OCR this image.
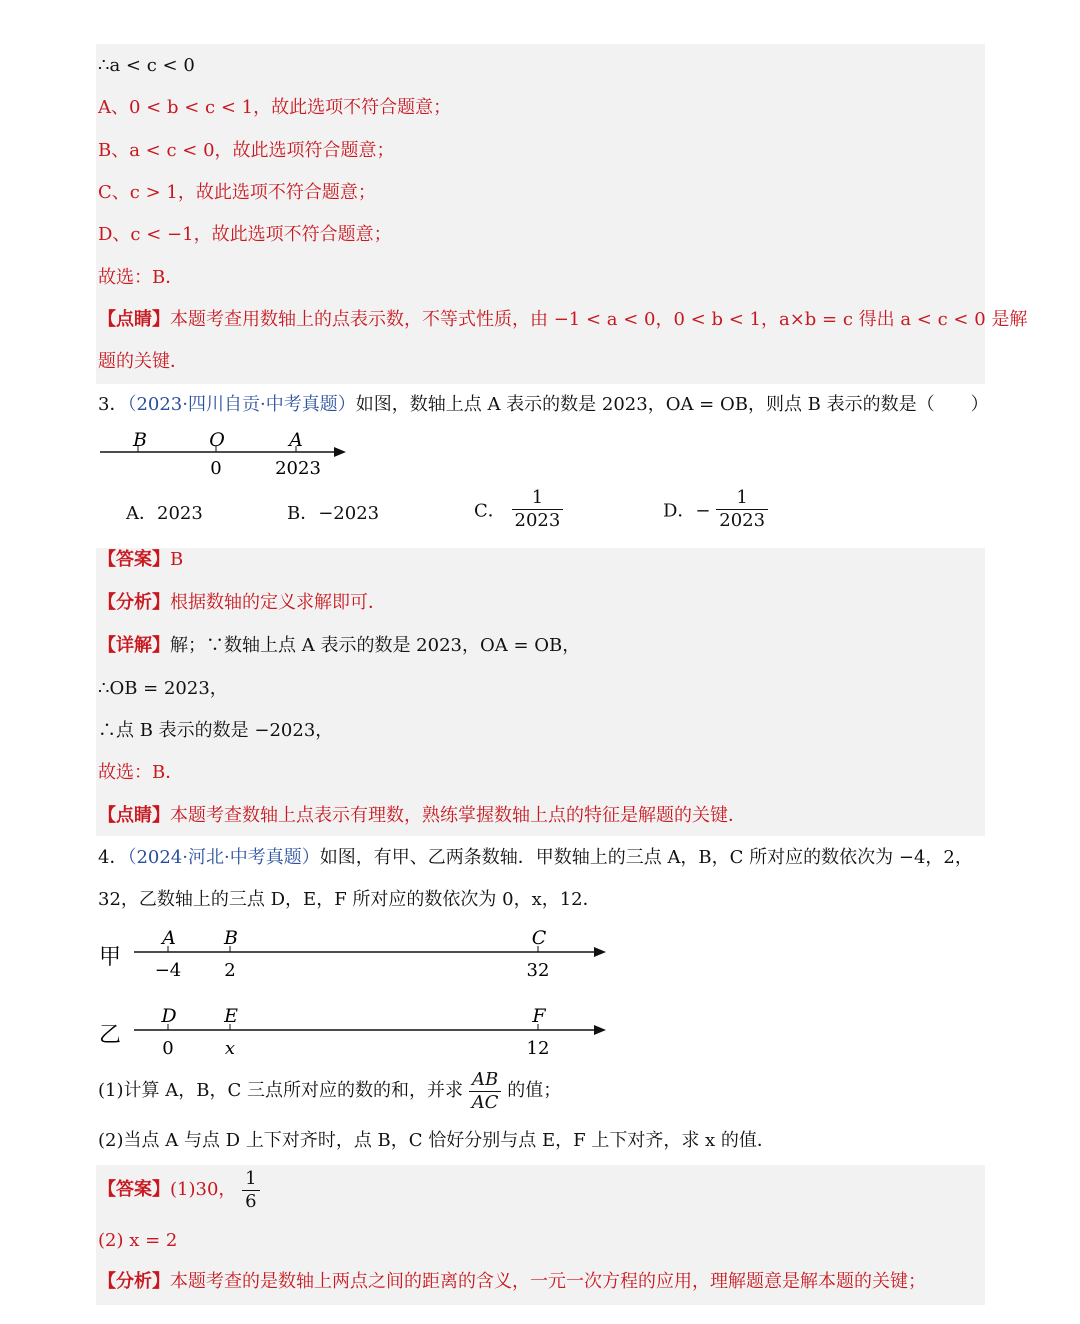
∴a < c < 0
A、0 < b < c < 1，故此选项不符合题意；
B、a < c < 0，故此选项符合题意；
C、c > 1，故此选项不符合题意；
D、c < −1，故此选项不符合题意；
故选：B．
【点睛】本题考查用数轴上的点表示数，不等式性质，由 −1 < a < 0，0 < b < 1，a×b = c 得出 a < c < 0 是解
题的关键．
3．（2023·四川自贡·中考真题）如图，数轴上点 A 表示的数是 2023，OA = OB，则点 B 表示的数是（　　）
B	O	A
0	2023
A．2023	B．−2023	C． $\frac{1}{2023}$	D．− $\frac{1}{2023}$
【答案】B
【分析】根据数轴的定义求解即可．
【详解】解；∵数轴上点 A 表示的数是 2023，OA = OB，
∴OB = 2023，
∴点 B 表示的数是 −2023，
故选：B．
【点睛】本题考查数轴上点表示有理数，熟练掌握数轴上点的特征是解题的关键．
4．（2024·河北·中考真题）如图，有甲、乙两条数轴．甲数轴上的三点 A，B，C 所对应的数依次为 −4，2，
32，乙数轴上的三点 D，E，F 所对应的数依次为 0，x，12．
甲
A	B	C
−4 2	32
乙
D E	F
0	x	12
(1)计算 A，B，C 三点所对应的数的和，并求 $\frac{AB}{AC}$ 的值；
(2)当点 A 与点 D 上下对齐时，点 B，C 恰好分别与点 E，F 上下对齐，求 x 的值．
【答案】(1)30， $\frac{1}{6}$
(2) x = 2
【分析】本题考查的是数轴上两点之间的距离的含义，一元一次方程的应用，理解题意是解本题的关键；
